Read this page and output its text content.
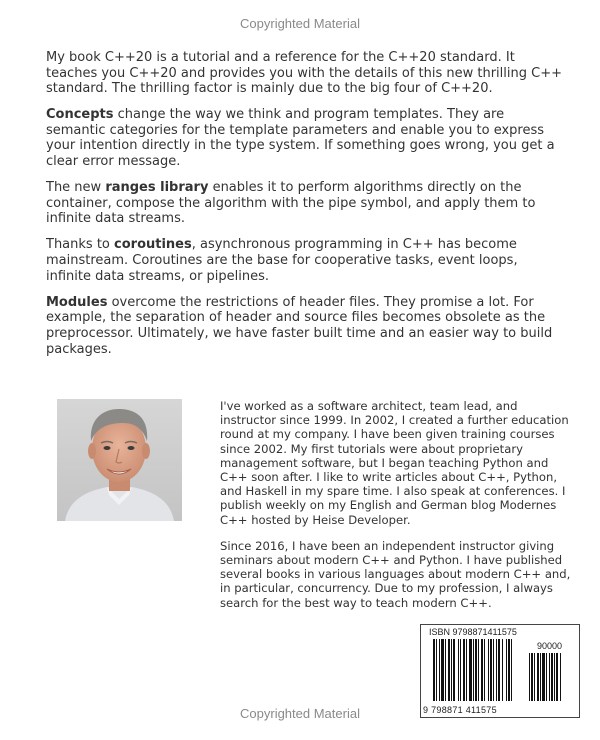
Copyrighted Material

My book C++20 is a tutorial and a reference for the C++20 standard. It teaches you C++20 and provides you with the details of this new thrilling C++ standard. The thrilling factor is mainly due to the big four of C++20.

Concepts change the way we think and program templates. They are semantic categories for the template parameters and enable you to express your intention directly in the type system. If something goes wrong, you get a clear error message.

The new ranges library enables it to perform algorithms directly on the container, compose the algorithm with the pipe symbol, and apply them to infinite data streams.

Thanks to coroutines, asynchronous programming in C++ has become mainstream. Coroutines are the base for cooperative tasks, event loops, infinite data streams, or pipelines.

Modules overcome the restrictions of header files. They promise a lot. For example, the separation of header and source files becomes obsolete as the preprocessor. Ultimately, we have faster built time and an easier way to build packages.

I've worked as a software architect, team lead, and instructor since 1999. In 2002, I created a further education round at my company. I have been given training courses since 2002. My first tutorials were about proprietary management software, but I began teaching Python and C++ soon after. I like to write articles about C++, Python, and Haskell in my spare time. I also speak at conferences. I publish weekly on my English and German blog Modernes C++ hosted by Heise Developer.

Since 2016, I have been an independent instructor giving seminars about modern C++ and Python. I have published several books in various languages about modern C++ and, in particular, concurrency. Due to my profession, I always search for the best way to teach modern C++.

ISBN 9798871411575
90000
9 798871 411575
Copyrighted Material
